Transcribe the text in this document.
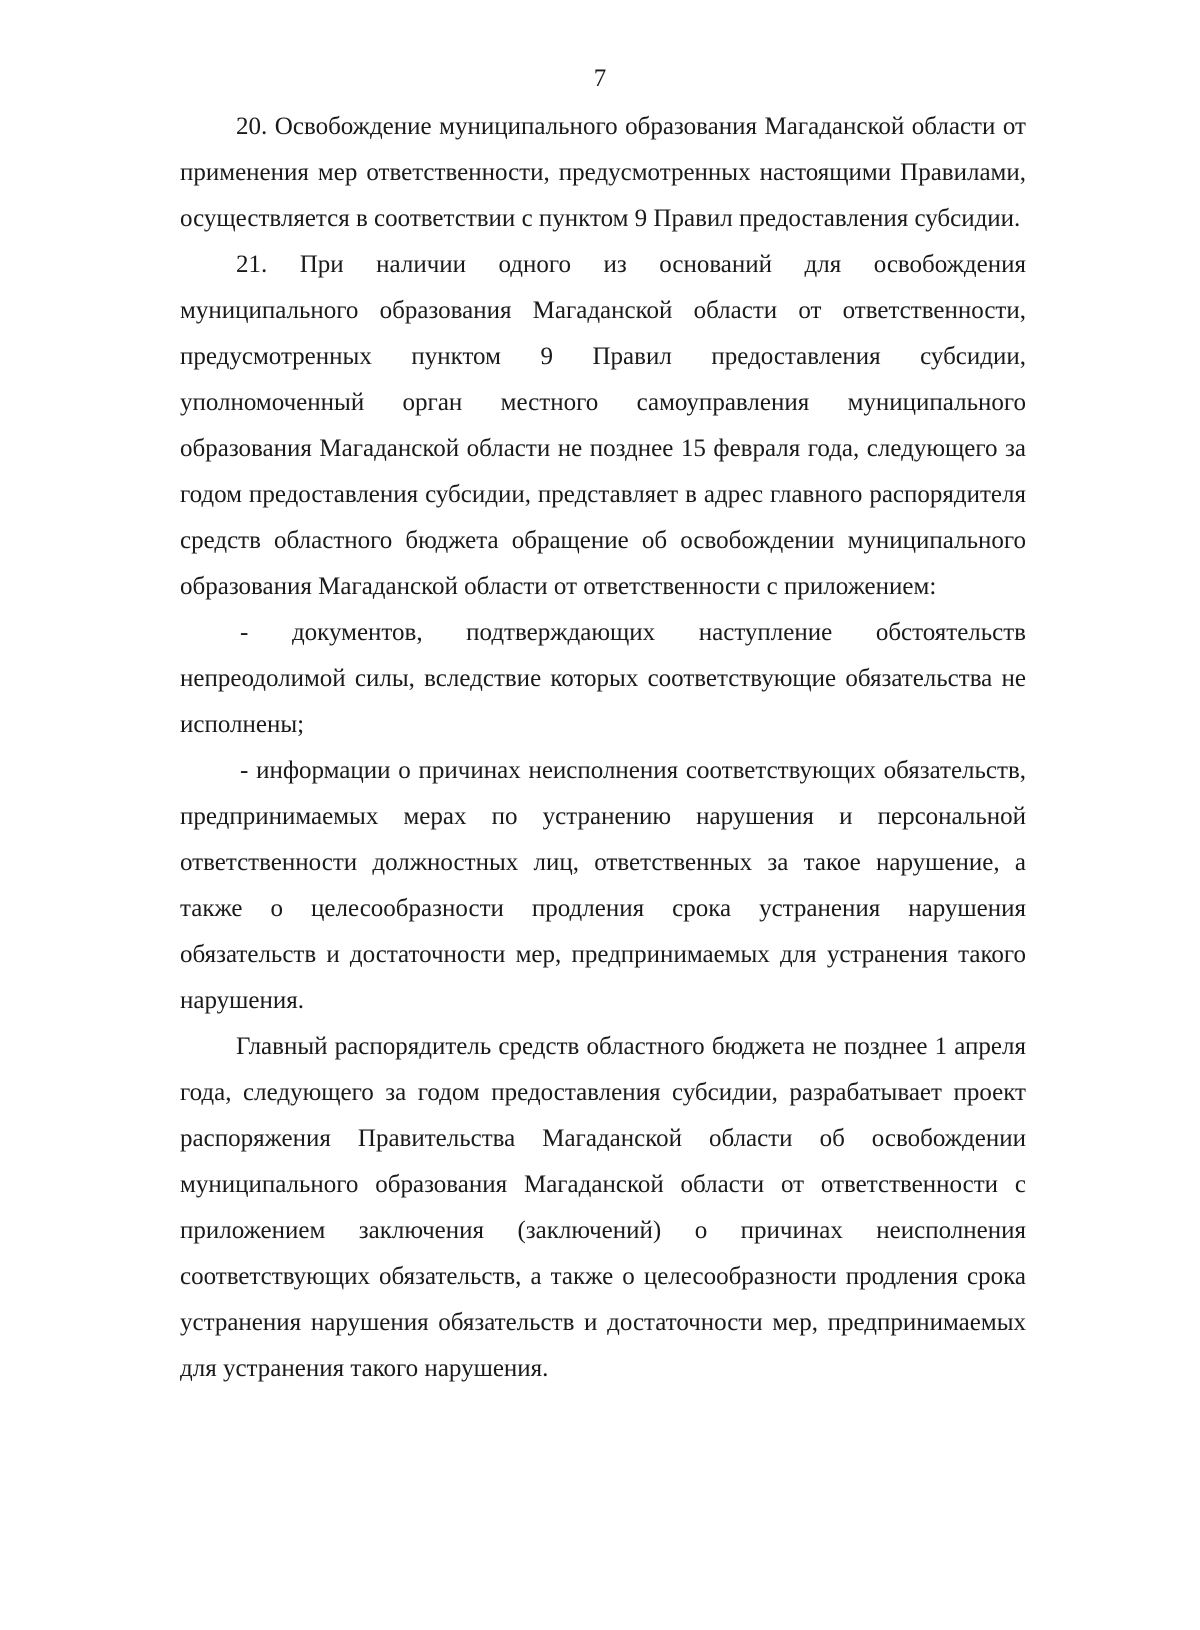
7

20. Освобождение муниципального образования Магаданской области от применения мер ответственности, предусмотренных настоящими Правилами, осуществляется в соответствии с пунктом 9 Правил предоставления субсидии.

21. При наличии одного из оснований для освобождения муниципального образования Магаданской области от ответственности, предусмотренных пунктом 9 Правил предоставления субсидии, уполномоченный орган местного самоуправления муниципального образования Магаданской области не позднее 15 февраля года, следующего за годом предоставления субсидии, представляет в адрес главного распорядителя средств областного бюджета обращение об освобождении муниципального образования Магаданской области от ответственности с приложением:

- документов, подтверждающих наступление обстоятельств непреодолимой силы, вследствие которых соответствующие обязательства не исполнены;

- информации о причинах неисполнения соответствующих обязательств, предпринимаемых мерах по устранению нарушения и персональной ответственности должностных лиц, ответственных за такое нарушение, а также о целесообразности продления срока устранения нарушения обязательств и достаточности мер, предпринимаемых для устранения такого нарушения.

Главный распорядитель средств областного бюджета не позднее 1 апреля года, следующего за годом предоставления субсидии, разрабатывает проект распоряжения Правительства Магаданской области об освобождении муниципального образования Магаданской области от ответственности с приложением заключения (заключений) о причинах неисполнения соответствующих обязательств, а также о целесообразности продления срока устранения нарушения обязательств и достаточности мер, предпринимаемых для устранения такого нарушения.
